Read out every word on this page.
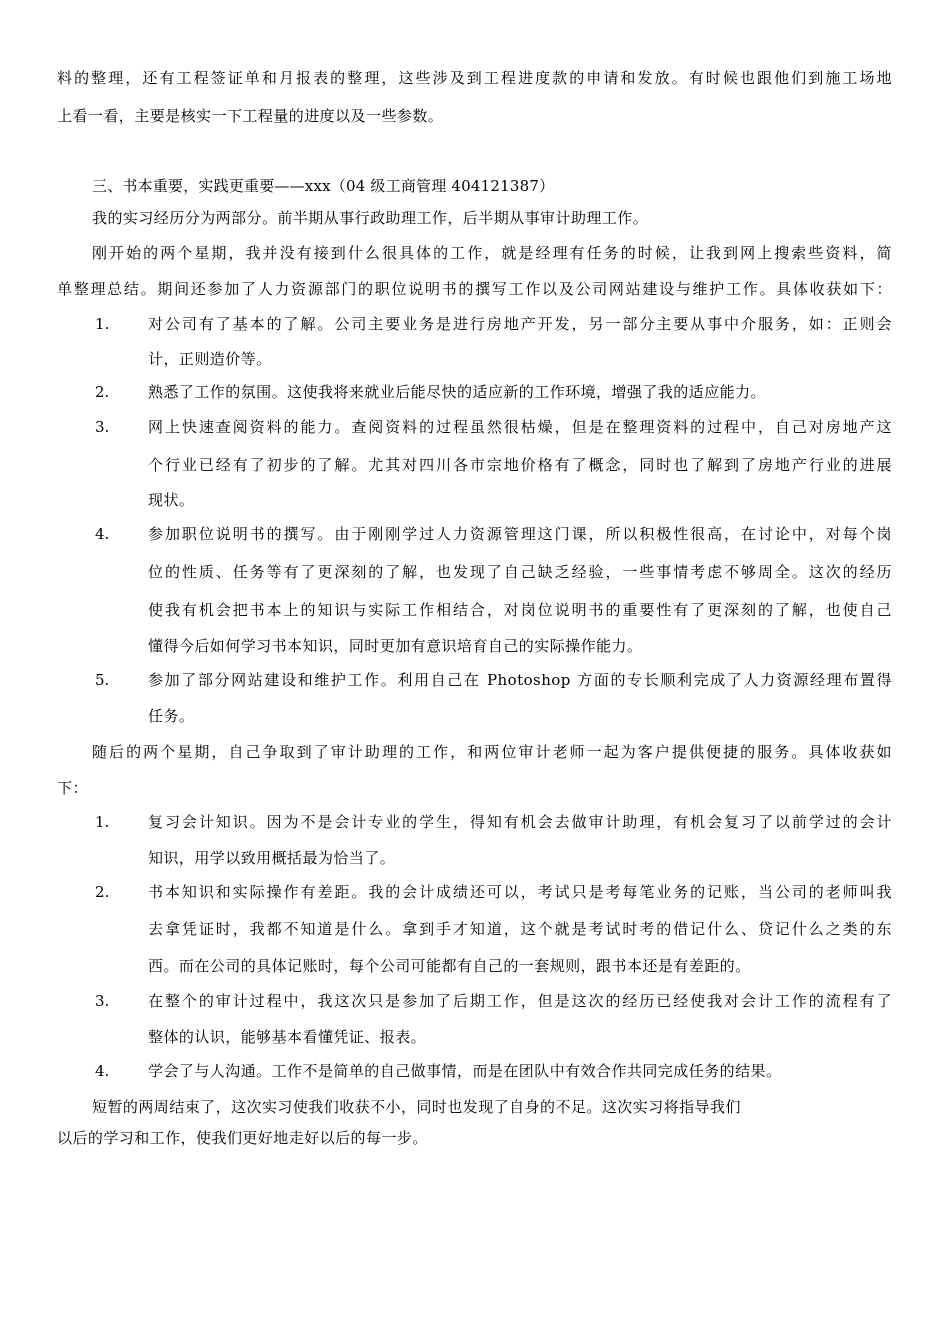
料的整理，还有工程签证单和月报表的整理，这些涉及到工程进度款的申请和发放。有时候也跟他们到施工场地

上看一看，主要是核实一下工程量的进度以及一些参数。

三、书本重要，实践更重要——xxx（04 级工商管理 404121387）

我的实习经历分为两部分。前半期从事行政助理工作，后半期从事审计助理工作。

刚开始的两个星期，我并没有接到什么很具体的工作，就是经理有任务的时候，让我到网上搜索些资料，简

单整理总结。期间还参加了人力资源部门的职位说明书的撰写工作以及公司网站建设与维护工作。具体收获如下：

1.	对公司有了基本的了解。公司主要业务是进行房地产开发，另一部分主要从事中介服务，如：正则会

计，正则造价等。

2.	熟悉了工作的氛围。这使我将来就业后能尽快的适应新的工作环境，增强了我的适应能力。

3.	网上快速查阅资料的能力。查阅资料的过程虽然很枯燥，但是在整理资料的过程中，自己对房地产这

个行业已经有了初步的了解。尤其对四川各市宗地价格有了概念，同时也了解到了房地产行业的进展

现状。

4.	参加职位说明书的撰写。由于刚刚学过人力资源管理这门课，所以积极性很高，在讨论中，对每个岗

位的性质、任务等有了更深刻的了解，也发现了自己缺乏经验，一些事情考虑不够周全。这次的经历

使我有机会把书本上的知识与实际工作相结合，对岗位说明书的重要性有了更深刻的了解，也使自己

懂得今后如何学习书本知识，同时更加有意识培育自己的实际操作能力。

5.	参加了部分网站建设和维护工作。利用自己在 Photoshop 方面的专长顺利完成了人力资源经理布置得

任务。

随后的两个星期，自己争取到了审计助理的工作，和两位审计老师一起为客户提供便捷的服务。具体收获如

下：

1.	复习会计知识。因为不是会计专业的学生，得知有机会去做审计助理，有机会复习了以前学过的会计

知识，用学以致用概括最为恰当了。

2.	书本知识和实际操作有差距。我的会计成绩还可以，考试只是考每笔业务的记账，当公司的老师叫我

去拿凭证时，我都不知道是什么。拿到手才知道，这个就是考试时考的借记什么、贷记什么之类的东

西。而在公司的具体记账时，每个公司可能都有自己的一套规则，跟书本还是有差距的。

3.	在整个的审计过程中，我这次只是参加了后期工作，但是这次的经历已经使我对会计工作的流程有了

整体的认识，能够基本看懂凭证、报表。

4.	学会了与人沟通。工作不是简单的自己做事情，而是在团队中有效合作共同完成任务的结果。

短暂的两周结束了，这次实习使我们收获不小，同时也发现了自身的不足。这次实习将指导我们

以后的学习和工作，使我们更好地走好以后的每一步。
